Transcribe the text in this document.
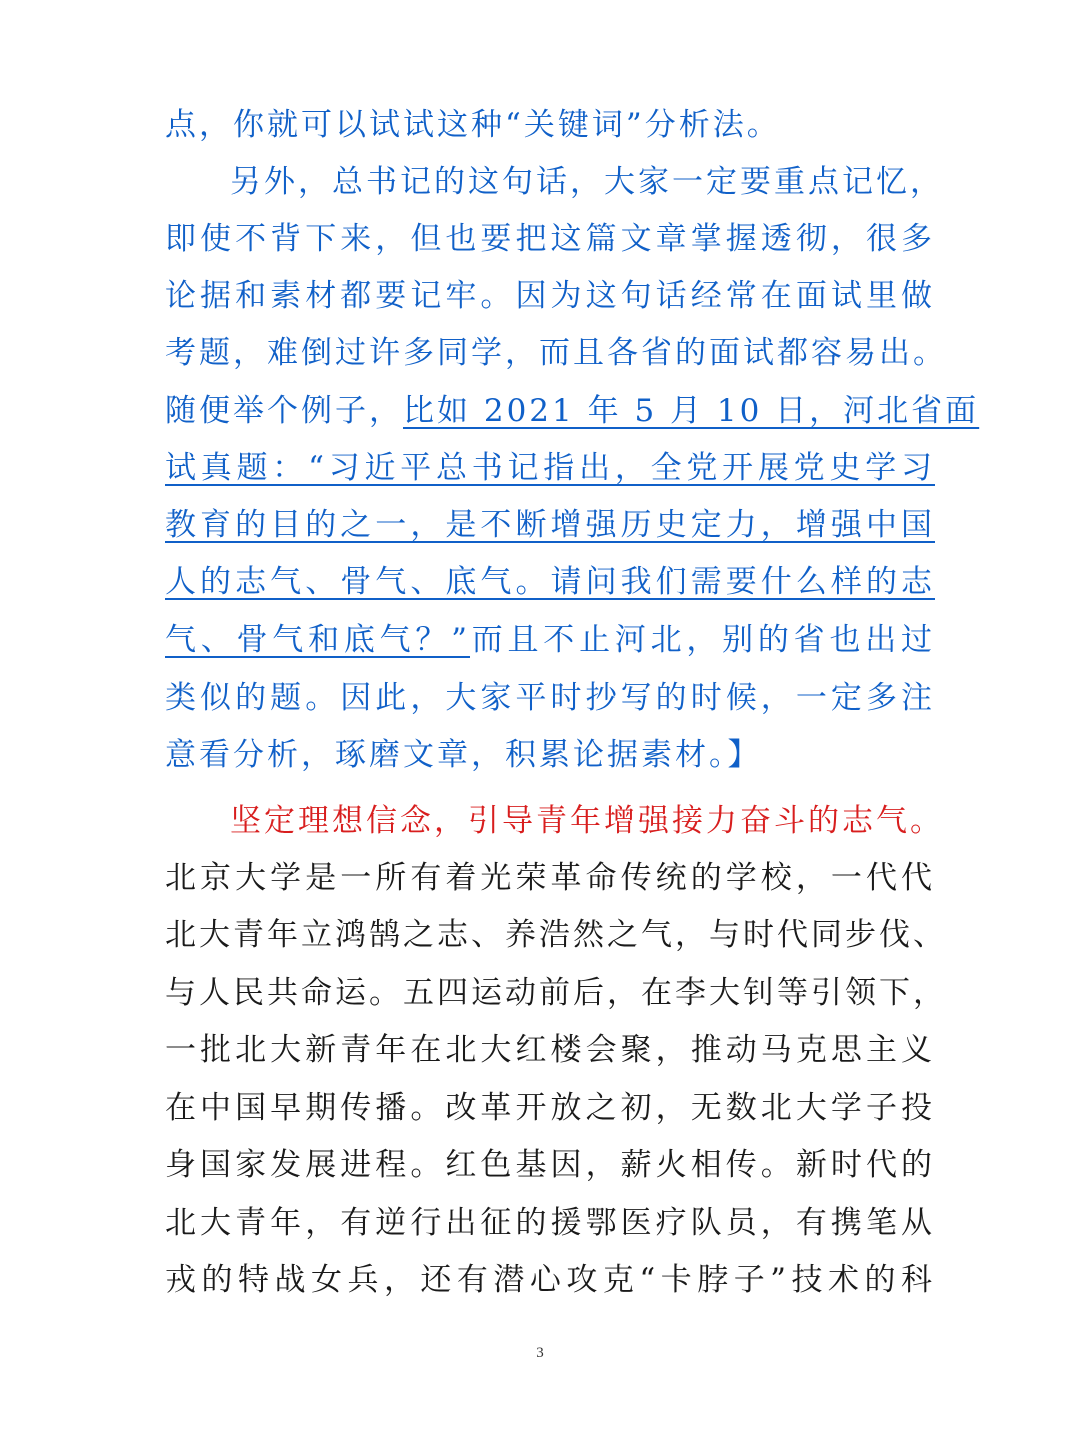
点，你就可以试试这种“关键词”分析法。
另外，总书记的这句话，大家一定要重点记忆，
即使不背下来，但也要把这篇文章掌握透彻，很多
论据和素材都要记牢。因为这句话经常在面试里做
考题，难倒过许多同学，而且各省的面试都容易出。
随便举个例子，比如 2021 年 5 月 10 日，河北省面
试真题：“习近平总书记指出，全党开展党史学习
教育的目的之一，是不断增强历史定力，增强中国
人的志气、骨气、底气。请问我们需要什么样的志
气、骨气和底气？”而且不止河北，别的省也出过
类似的题。因此，大家平时抄写的时候，一定多注
意看分析，琢磨文章，积累论据素材。】
坚定理想信念，引导青年增强接力奋斗的志气。
北京大学是一所有着光荣革命传统的学校，一代代
北大青年立鸿鹄之志、养浩然之气，与时代同步伐、
与人民共命运。五四运动前后，在李大钊等引领下，
一批北大新青年在北大红楼会聚，推动马克思主义
在中国早期传播。改革开放之初，无数北大学子投
身国家发展进程。红色基因，薪火相传。新时代的
北大青年，有逆行出征的援鄂医疗队员，有携笔从
戎的特战女兵，还有潜心攻克“卡脖子”技术的科
3
